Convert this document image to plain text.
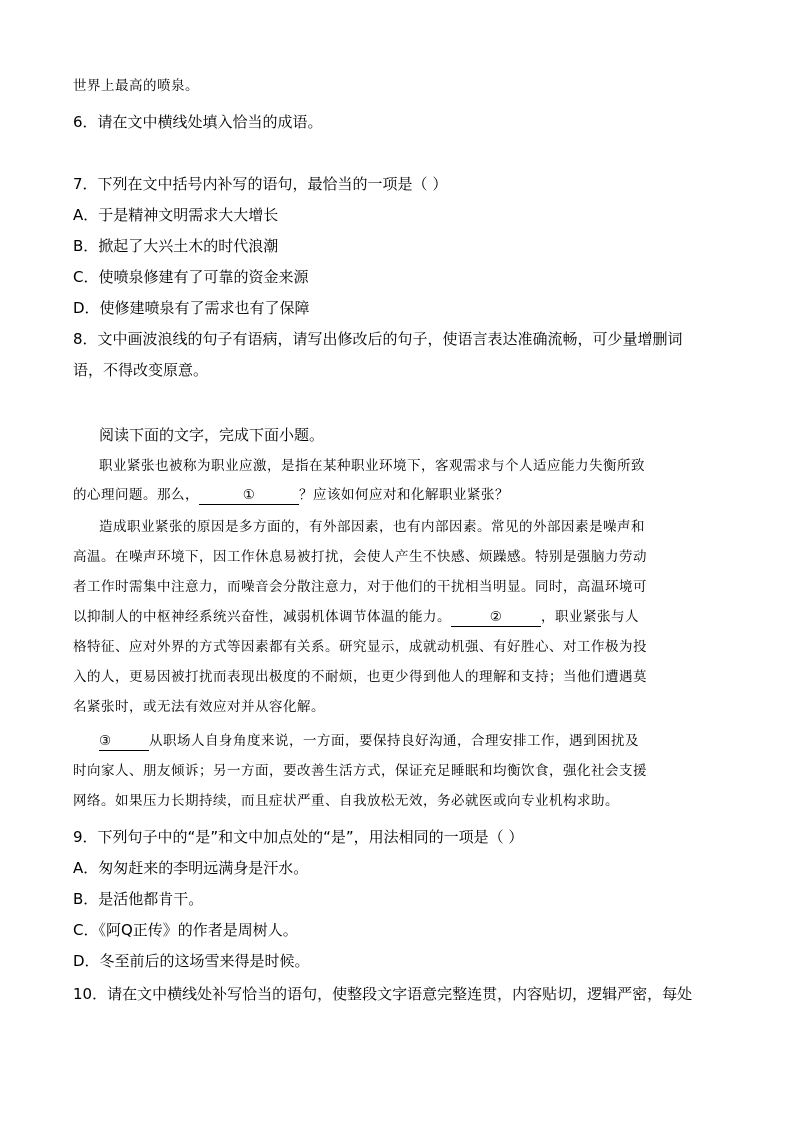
世界上最高的喷泉。
6．请在文中横线处填入恰当的成语。
7．下列在文中括号内补写的语句，最恰当的一项是（ ）
A．于是精神文明需求大大增长
B．掀起了大兴土木的时代浪潮
C．使喷泉修建有了可靠的资金来源
D．使修建喷泉有了需求也有了保障
8．文中画波浪线的句子有语病，请写出修改后的句子，使语言表达准确流畅，可少量增删词
语，不得改变原意。
阅读下面的文字，完成下面小题。
职业紧张也被称为职业应激，是指在某种职业环境下，客观需求与个人适应能力失衡所致
的心理问题。那么，	①	？应该如何应对和化解职业紧张？
造成职业紧张的原因是多方面的，有外部因素，也有内部因素。常见的外部因素是噪声和
高温。在噪声环境下，因工作休息易被打扰，会使人产生不快感、烦躁感。特别是强脑力劳动
者工作时需集中注意力，而噪音会分散注意力，对于他们的干扰相当明显。同时，高温环境可
以抑制人的中枢神经系统兴奋性，减弱机体调节体温的能力。	②	，职业紧张与人
格特征、应对外界的方式等因素都有关系。研究显示，成就动机强、有好胜心、对工作极为投
入的人，更易因被打扰而表现出极度的不耐烦，也更少得到他人的理解和支持；当他们遭遇莫
名紧张时，或无法有效应对并从容化解。
③	从职场人自身角度来说，一方面，要保持良好沟通，合理安排工作，遇到困扰及
时向家人、朋友倾诉；另一方面，要改善生活方式，保证充足睡眠和均衡饮食，强化社会支援
网络。如果压力长期持续，而且症状严重、自我放松无效，务必就医或向专业机构求助。
9．下列句子中的“是”和文中加点处的“是”，用法相同的一项是（ ）
A．匆匆赶来的李明远满身是汗水。
B．是活他都肯干。
C．《阿Q正传》的作者是周树人。
D．冬至前后的这场雪来得是时候。
10．请在文中横线处补写恰当的语句，使整段文字语意完整连贯，内容贴切，逻辑严密，每处
